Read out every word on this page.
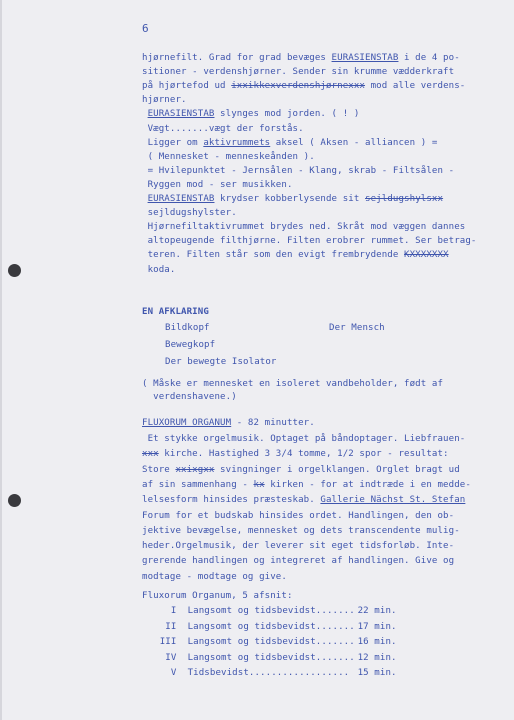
6
hjørnefilt. Grad for grad bevæges EURASIENSTAB i de 4 po-
sitioner - verdenshjørner. Sender sin krumme vædderkraft
på hjørtefod ud ixxikkexverdenshjørnexxx mod alle verdens-
hjørner.
EURASIENSTAB slynges mod jorden. ( ! )
Vægt.......vægt der forstås.
Ligger om aktivrummets aksel ( Aksen - alliancen ) =
( Mennesket - menneskeånden ).
= Hvilepunktet - Jernsålen - Klang, skrab - Filtsålen -
Ryggen mod - ser musikken.
EURASIENSTAB krydser kobberlysende sit sejldugshylsxx
sejldugshylster.
Hjørnefiltaktivrummet brydes ned. Skråt mod væggen dannes
altopeugende filthjørne. Filten erobrer rummet. Ser betrag-
teren. Filten står som den evigt frembrydende KXXXXXXX
koda.
EN AFKLARING
Bildkopf	Der Mensch
Bewegkopf
Der bewegte Isolator
( Måske er mennesket en isoleret vandbeholder, født af
verdenshavene.)
FLUXORUM ORGANUM - 82 minutter.
Et stykke orgelmusik. Optaget på båndoptager. Liebfrauen-
xxx kirche. Hastighed 3 3/4 tomme, 1/2 spor - resultat:
Store xxixgxx svingninger i orgelklangen. Orglet bragt ud
af sin sammenhang - kx kirken - for at indtræde i en medde-
lelsesform hinsides præsteskab. Gallerie Nächst St. Stefan
Forum for et budskab hinsides ordet. Handlingen, den ob-
jektive bevægelse, mennesket og dets transcendente mulig-
heder.Orgelmusik, der leverer sit eget tidsforløb. Inte-
grerende handlingen og integreret af handlingen. Give og
modtage - modtage og give.
Fluxorum Organum, 5 afsnit:
I  Langsomt og tidsbevidst....... 22 min.
II  Langsomt og tidsbevidst....... 17 min.
III  Langsomt og tidsbevidst....... 16 min.
IV  Langsomt og tidsbevidst....... 12 min.
V  Tidsbevidst.................. 15 min.
